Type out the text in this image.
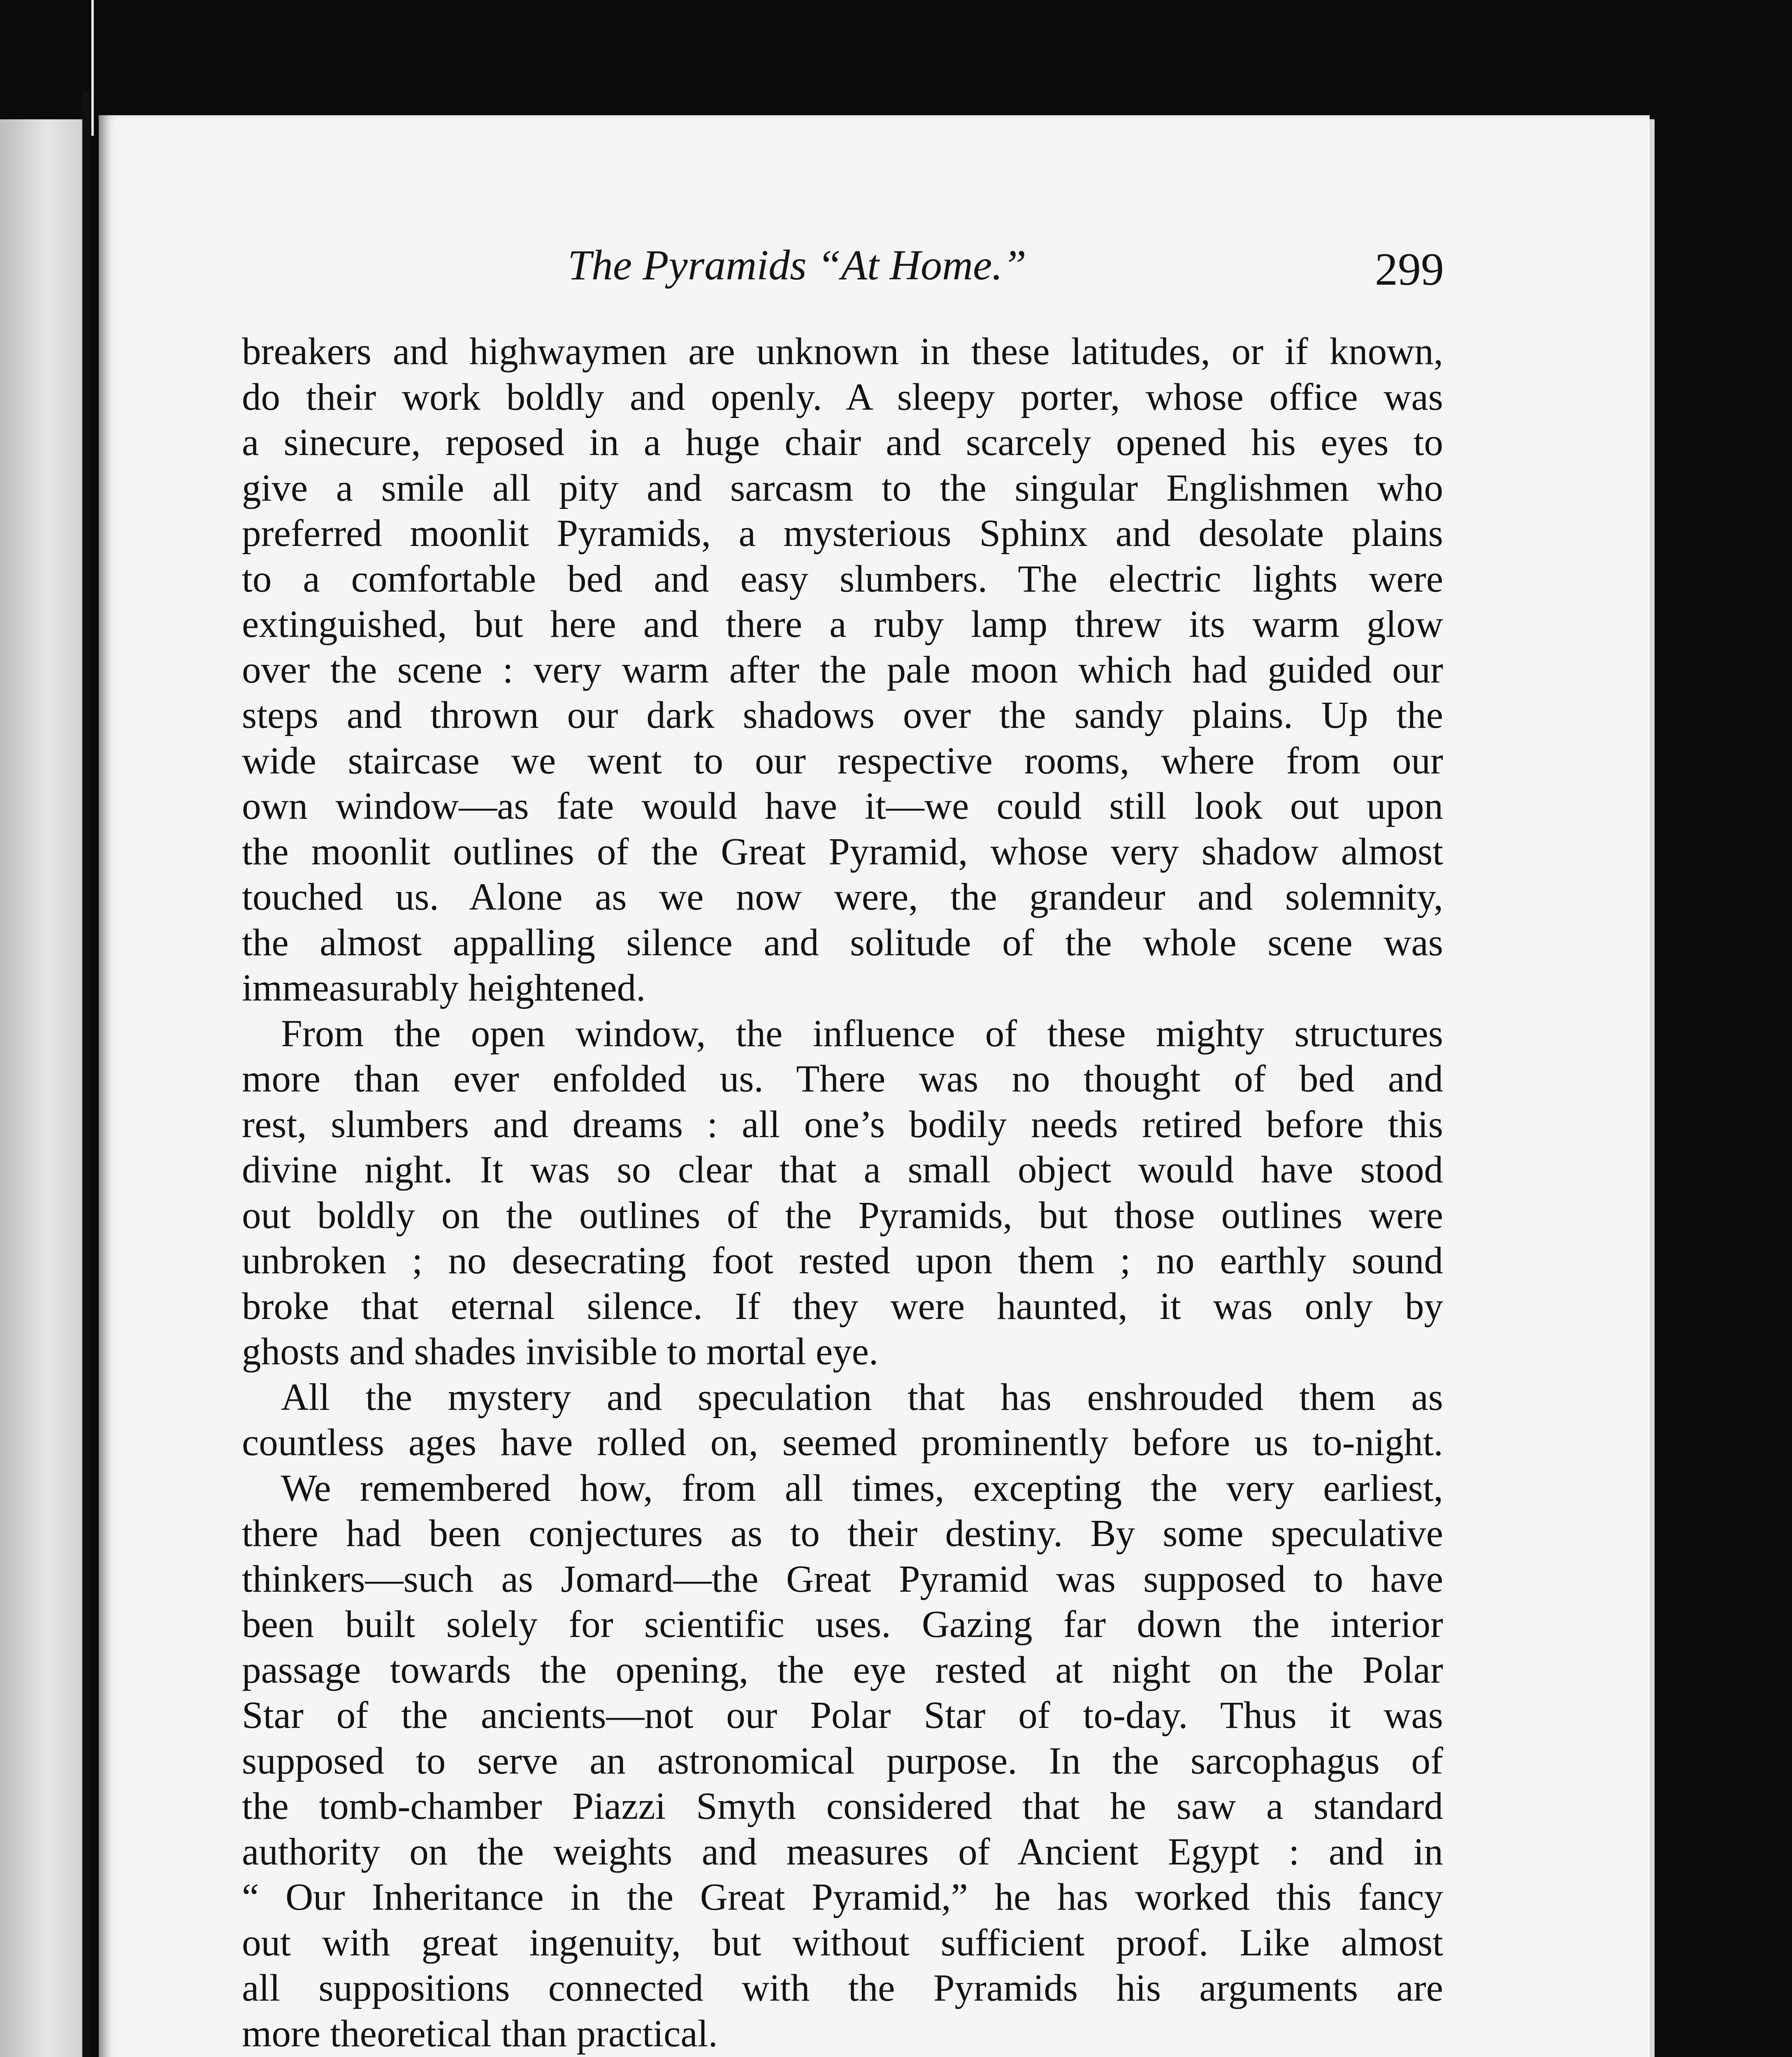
The Pyramids “At Home.”	299
breakers and highwaymen are unknown in these latitudes, or if known,
do their work boldly and openly. A sleepy porter, whose office was
a sinecure, reposed in a huge chair and scarcely opened his eyes to
give a smile all pity and sarcasm to the singular Englishmen who
preferred moonlit Pyramids, a mysterious Sphinx and desolate plains
to a comfortable bed and easy slumbers. The electric lights were
extinguished, but here and there a ruby lamp threw its warm glow
over the scene : very warm after the pale moon which had guided our
steps and thrown our dark shadows over the sandy plains. Up the
wide staircase we went to our respective rooms, where from our
own window—as fate would have it—we could still look out upon
the moonlit outlines of the Great Pyramid, whose very shadow almost
touched us. Alone as we now were, the grandeur and solemnity,
the almost appalling silence and solitude of the whole scene was
immeasurably heightened.
From the open window, the influence of these mighty structures
more than ever enfolded us. There was no thought of bed and
rest, slumbers and dreams : all one’s bodily needs retired before this
divine night. It was so clear that a small object would have stood
out boldly on the outlines of the Pyramids, but those outlines were
unbroken ; no desecrating foot rested upon them ; no earthly sound
broke that eternal silence. If they were haunted, it was only by
ghosts and shades invisible to mortal eye.
All the mystery and speculation that has enshrouded them as
countless ages have rolled on, seemed prominently before us to-night.
We remembered how, from all times, excepting the very earliest,
there had been conjectures as to their destiny. By some speculative
thinkers—such as Jomard—the Great Pyramid was supposed to have
been built solely for scientific uses. Gazing far down the interior
passage towards the opening, the eye rested at night on the Polar
Star of the ancients—not our Polar Star of to-day. Thus it was
supposed to serve an astronomical purpose. In the sarcophagus of
the tomb-chamber Piazzi Smyth considered that he saw a standard
authority on the weights and measures of Ancient Egypt : and in
“ Our Inheritance in the Great Pyramid,” he has worked this fancy
out with great ingenuity, but without sufficient proof. Like almost
all suppositions connected with the Pyramids his arguments are
more theoretical than practical.
